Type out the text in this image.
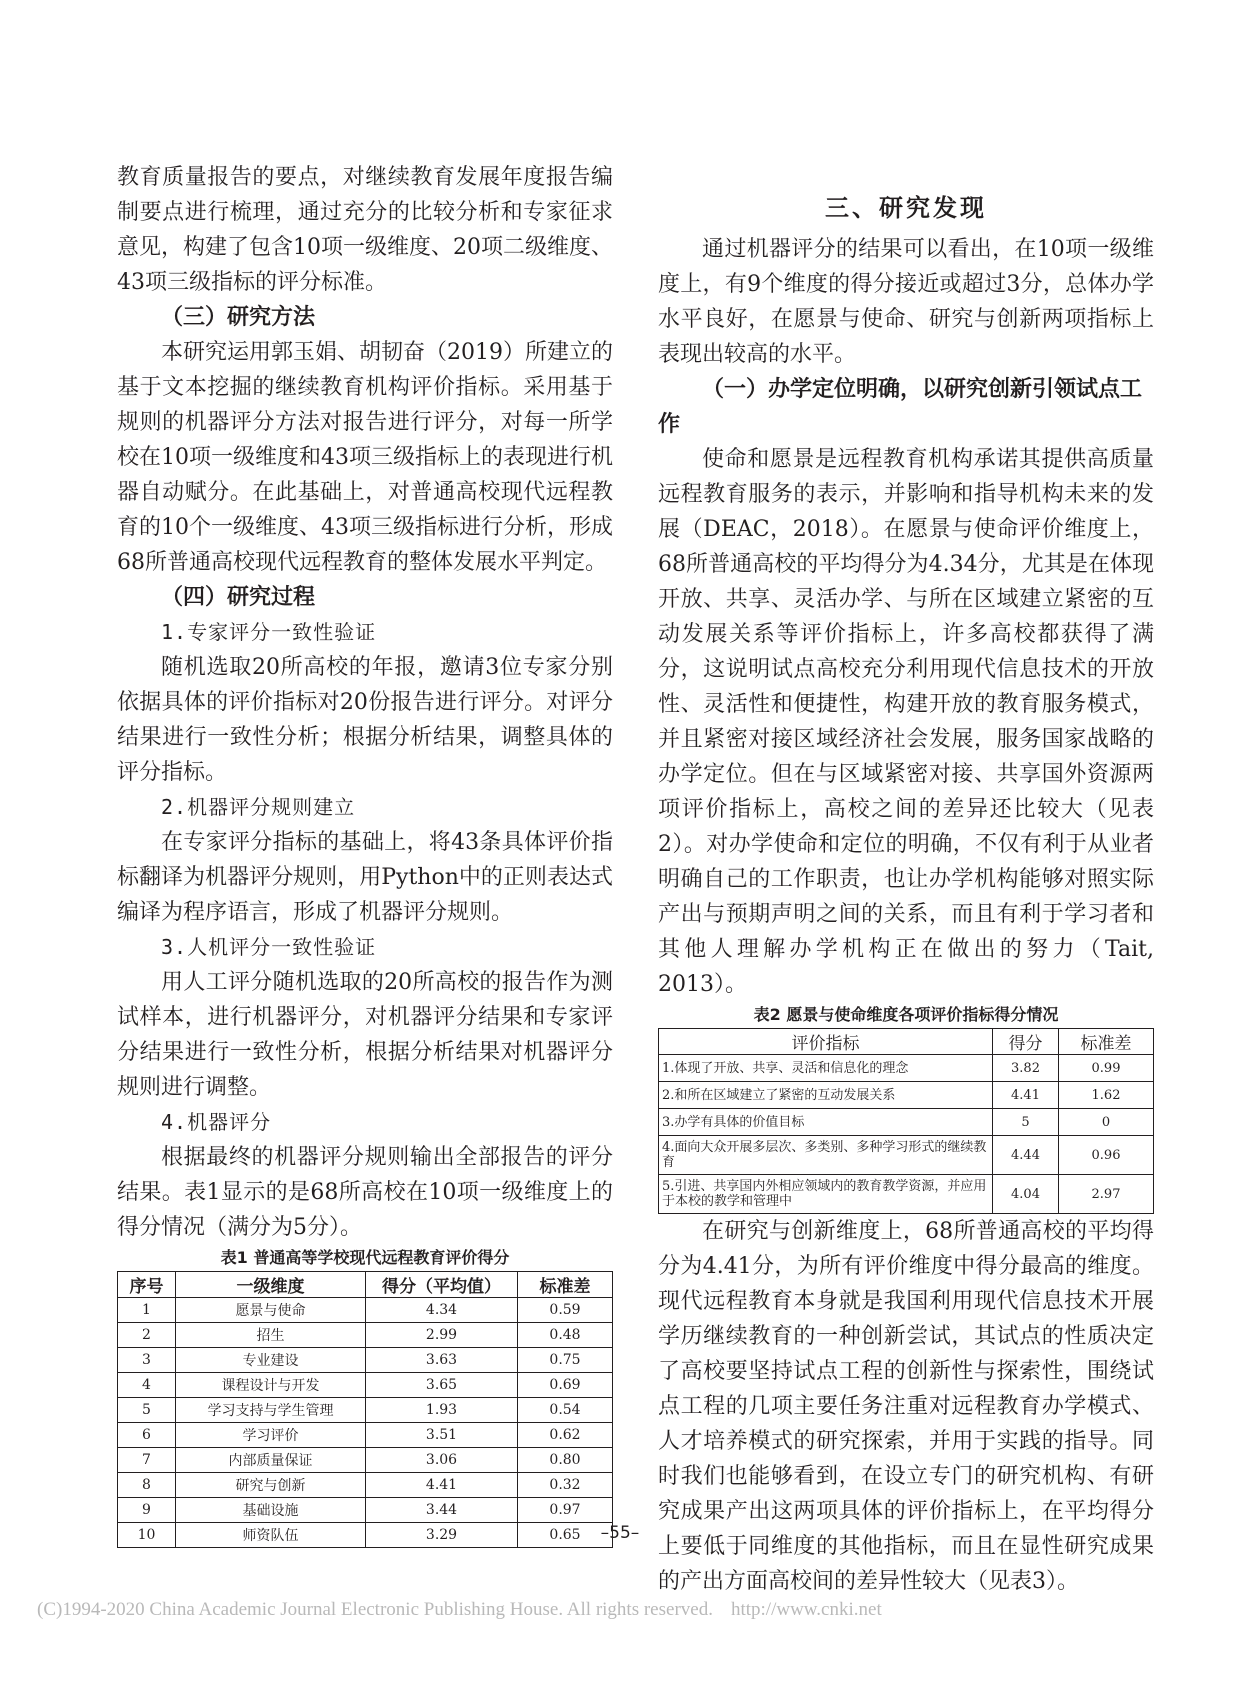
教育质量报告的要点，对继续教育发展年度报告编制要点进行梳理，通过充分的比较分析和专家征求意见，构建了包含10项一级维度、20项二级维度、43项三级指标的评分标准。

（三）研究方法

本研究运用郭玉娟、胡韧奋（2019）所建立的基于文本挖掘的继续教育机构评价指标。采用基于规则的机器评分方法对报告进行评分，对每一所学校在10项一级维度和43项三级指标上的表现进行机器自动赋分。在此基础上，对普通高校现代远程教育的10个一级维度、43项三级指标进行分析，形成68所普通高校现代远程教育的整体发展水平判定。

（四）研究过程
1.专家评分一致性验证

随机选取20所高校的年报，邀请3位专家分别依据具体的评价指标对20份报告进行评分。对评分结果进行一致性分析；根据分析结果，调整具体的评分指标。

2.机器评分规则建立

在专家评分指标的基础上，将43条具体评价指标翻译为机器评分规则，用Python中的正则表达式编译为程序语言，形成了机器评分规则。

3.人机评分一致性验证

用人工评分随机选取的20所高校的报告作为测试样本，进行机器评分，对机器评分结果和专家评分结果进行一致性分析，根据分析结果对机器评分规则进行调整。

4.机器评分

根据最终的机器评分规则输出全部报告的评分结果。表1显示的是68所高校在10项一级维度上的得分情况（满分为5分）。

表1 普通高等学校现代远程教育评价得分
序号	一级维度	得分（平均值）	标准差
1	愿景与使命	4.34	0.59
2	招生	2.99	0.48
3	专业建设	3.63	0.75
4	课程设计与开发	3.65	0.69
5	学习支持与学生管理	1.93	0.54
6	学习评价	3.51	0.62
7	内部质量保证	3.06	0.80
8	研究与创新	4.41	0.32
9	基础设施	3.44	0.97
10	师资队伍	3.29	0.65
三、研究发现

通过机器评分的结果可以看出，在10项一级维度上，有9个维度的得分接近或超过3分，总体办学水平良好，在愿景与使命、研究与创新两项指标上表现出较高的水平。

（一）办学定位明确，以研究创新引领试点工作

使命和愿景是远程教育机构承诺其提供高质量远程教育服务的表示，并影响和指导机构未来的发展（DEAC，2018）。在愿景与使命评价维度上，68所普通高校的平均得分为4.34分，尤其是在体现开放、共享、灵活办学、与所在区域建立紧密的互动发展关系等评价指标上，许多高校都获得了满分，这说明试点高校充分利用现代信息技术的开放性、灵活性和便捷性，构建开放的教育服务模式，并且紧密对接区域经济社会发展，服务国家战略的办学定位。但在与区域紧密对接、共享国外资源两项评价指标上，高校之间的差异还比较大（见表2）。对办学使命和定位的明确，不仅有利于从业者明确自己的工作职责，也让办学机构能够对照实际产出与预期声明之间的关系，而且有利于学习者和其他人理解办学机构正在做出的努力（Tait, 2013）。

表2 愿景与使命维度各项评价指标得分情况
评价指标	得分	标准差
1.体现了开放、共享、灵活和信息化的理念	3.82	0.99
2.和所在区域建立了紧密的互动发展关系	4.41	1.62
3.办学有具体的价值目标	5	0
4.面向大众开展多层次、多类别、多种学习形式的继续教育	4.44	0.96
5.引进、共享国内外相应领域内的教育教学资源，并应用于本校的教学和管理中	4.04	2.97

在研究与创新维度上，68所普通高校的平均得分为4.41分，为所有评价维度中得分最高的维度。现代远程教育本身就是我国利用现代信息技术开展学历继续教育的一种创新尝试，其试点的性质决定了高校要坚持试点工程的创新性与探索性，围绕试点工程的几项主要任务注重对远程教育办学模式、人才培养模式的研究探索，并用于实践的指导。同时我们也能够看到，在设立专门的研究机构、有研究成果产出这两项具体的评价指标上，在平均得分上要低于同维度的其他指标，而且在显性研究成果的产出方面高校间的差异性较大（见表3）。

–55–
(C)1994-2020 China Academic Journal Electronic Publishing House. All rights reserved. http://www.cnki.net
